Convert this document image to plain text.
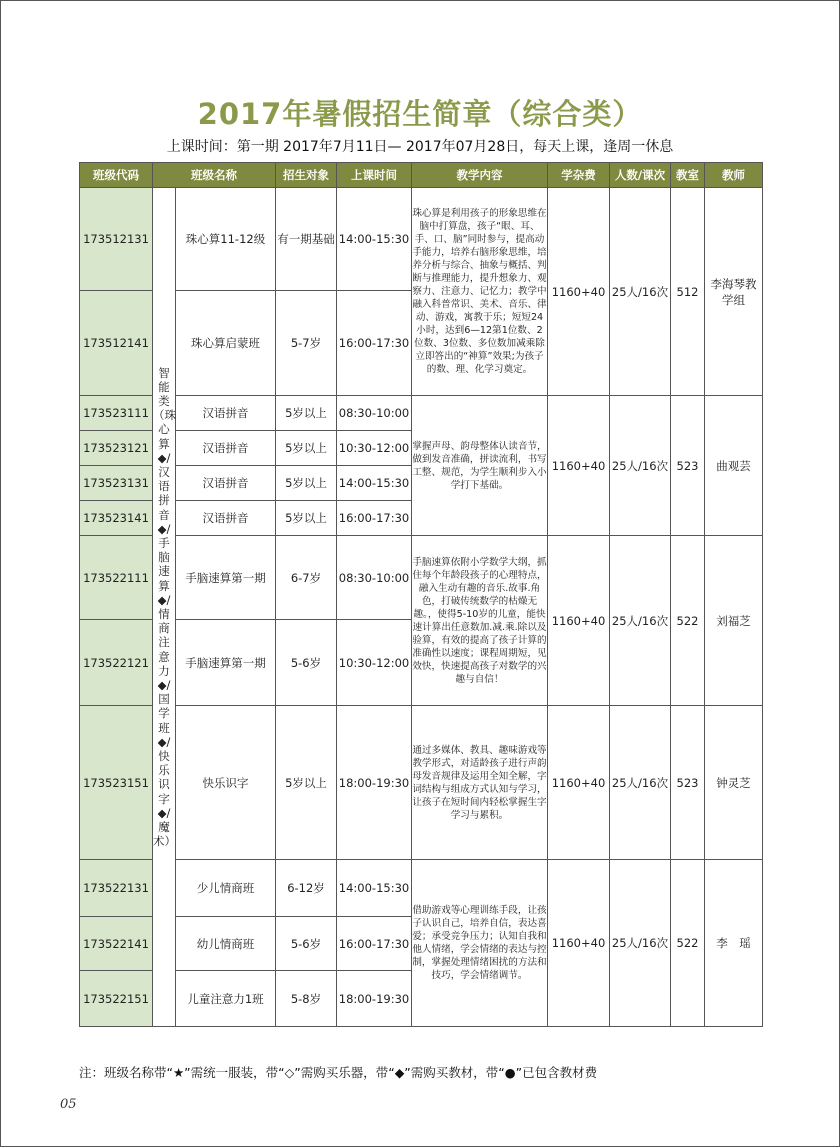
2017年暑假招生简章（综合类）
上课时间：第一期 2017年7月11日— 2017年07月28日，每天上课，逢周一休息
班级代码	班级名称		招生对象	上课时间	教学内容	学杂费	人数/课次	教室	教师
173512131	智能类（珠心算◆/汉语拼音◆/手脑速算◆/情商注意力◆/国学班◆/快乐识字◆/魔术）	珠心算11-12级	有一期基础	14:00-15:30	珠心算是利用孩子的形象思维在脑中打算盘，孩子“眼、耳、手、口、脑”同时参与，提高动手能力，培养右脑形象思维，培养分析与综合、抽象与概括、判断与推理能力，提升想象力、观察力、注意力、记忆力；教学中融入科普常识、美术、音乐、律动、游戏，寓教于乐；短短24小时，达到6—12第1位数、2位数、3位数、多位数加减乘除立即答出的“神算”效果;为孩子的数、理、化学习奠定。	1160+40	25人/16次	512	李海琴教学组
173512141		珠心算启蒙班	5-7岁	16:00-17:30					
173523111		汉语拼音	5岁以上	08:30-10:00	掌握声母、韵母整体认读音节，做到发音准确，拼读流利，书写工整、规范，为学生顺利步入小学打下基础。	1160+40	25人/16次	523	曲观芸
173523121		汉语拼音	5岁以上	10:30-12:00					
173523131		汉语拼音	5岁以上	14:00-15:30					
173523141		汉语拼音	5岁以上	16:00-17:30					
173522111		手脑速算第一期	6-7岁	08:30-10:00	手脑速算依附小学数学大纲，抓住每个年龄段孩子的心理特点，融入生动有趣的音乐.故事.角色，打破传统数学的枯燥无趣。，使得5-10岁的儿童，能快速计算出任意数加.减.乘.除以及验算，有效的提高了孩子计算的准确性以速度；课程周期短，见效快，快速提高孩子对数学的兴趣与自信！	1160+40	25人/16次	522	刘福芝
173522121		手脑速算第一期	5-6岁	10:30-12:00					
173523151		快乐识字	5岁以上	18:00-19:30	通过多媒体、教具、趣味游戏等教学形式，对适龄孩子进行声韵母发音规律及运用全知全解，字词结构与组成方式认知与学习，让孩子在短时间内轻松掌握生字学习与累积。	1160+40	25人/16次	523	钟灵芝
173522131		少儿情商班	6-12岁	14:00-15:30	借助游戏等心理训练手段，让孩子认识自己，培养自信，表达喜爱；承受竞争压力；认知自我和他人情绪，学会情绪的表达与控制，掌握处理情绪困扰的方法和技巧，学会情绪调节。	1160+40	25人/16次	522	李　瑶
173522141		幼儿情商班	5-6岁	16:00-17:30					
173522151		儿童注意力1班	5-8岁	18:00-19:30					
注：班级名称带“★”需统一服装，带“◇”需购买乐器，带“◆”需购买教材，带“●”已包含教材费
05
